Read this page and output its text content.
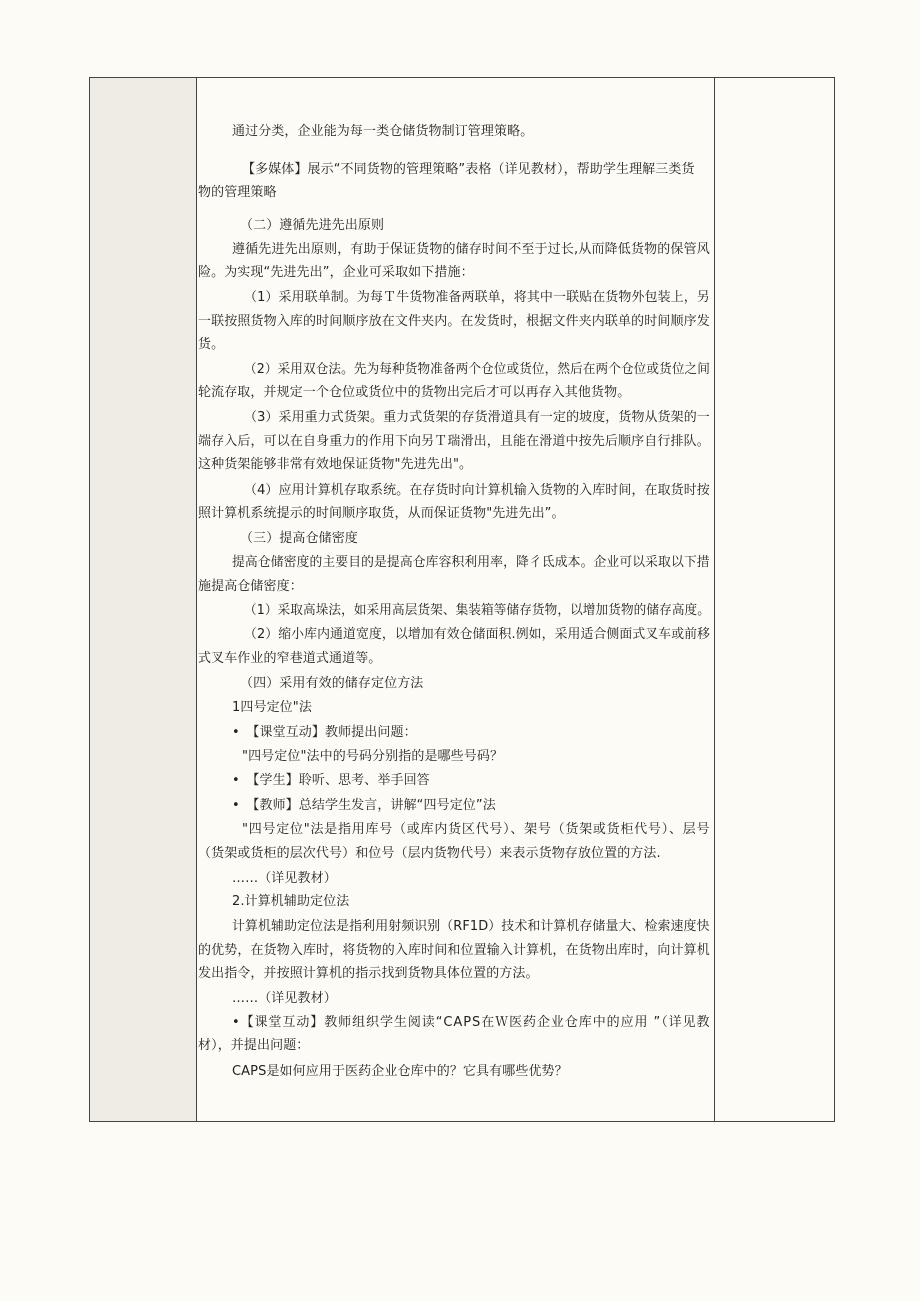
通过分类，企业能为每一类仓储货物制订管理策略。
【多媒体】展示“不同货物的管理策略”表格（详见教材），帮助学生理解三类货
物的管理策略
（二）遵循先进先出原则
遵循先进先出原则，有助于保证货物的储存时间不至于过长,从而降低货物的保管风
险。为实现“先进先出”，企业可采取如下措施：
（1）采用联单制。为每Ｔ牛货物准备两联单，将其中一联贴在货物外包装上，另
一联按照货物入库的时间顺序放在文件夹内。在发货时，根据文件夹内联单的时间顺序发
货。
（2）采用双仓法。先为每种货物准备两个仓位或货位，然后在两个仓位或货位之间
轮流存取，并规定一个仓位或货位中的货物出完后才可以再存入其他货物。
（3）采用重力式货架。重力式货架的存货滑道具有一定的坡度，货物从货架的一
端存入后，可以在自身重力的作用下向另Ｔ瑞滑出，且能在滑道中按先后顺序自行排队。
这种货架能够非常有效地保证货物"先进先出"。
（4）应用计算机存取系统。在存货时向计算机输入货物的入库时间，在取货时按
照计算机系统提示的时间顺序取货，从而保证货物"先进先出”。
（三）提高仓储密度
提高仓储密度的主要目的是提高仓库容积利用率，降彳氐成本。企业可以采取以下措
施提高仓储密度：
（1）采取高垛法，如采用高层货架、集装箱等储存货物，以增加货物的储存高度。
（2）缩小库内通道宽度，以增加有效仓储面积.例如，采用适合侧面式叉车或前移
式叉车作业的窄巷道式通道等。
（四）采用有效的储存定位方法
1四号定位"法
•　【课堂互动】教师提出问题：
"四号定位"法中的号码分别指的是哪些号码？
•　【学生】聆听、思考、举手回答
•　【教师】总结学生发言，讲解“四号定位”法
"四号定位"法是指用库号（或库内货区代号）、架号（货架或货柜代号）、层号
（货架或货柜的层次代号）和位号（层内货物代号）来表示货物存放位置的方法.
……（详见教材）
2.计算机辅助定位法
计算机辅助定位法是指利用射频识别（RF1D）技术和计算机存储量大、检索速度快
的优势，在货物入库时，将货物的入库时间和位置输入计算机，在货物出库时，向计算机
发出指令，并按照计算机的指示找到货物具体位置的方法。
……（详见教材）
•【课堂互动】教师组织学生阅读“CAPS在Ｗ医药企业仓库中的应用 ”（详见教
材），并提出问题：
CAPS是如何应用于医药企业仓库中的？它具有哪些优势？
